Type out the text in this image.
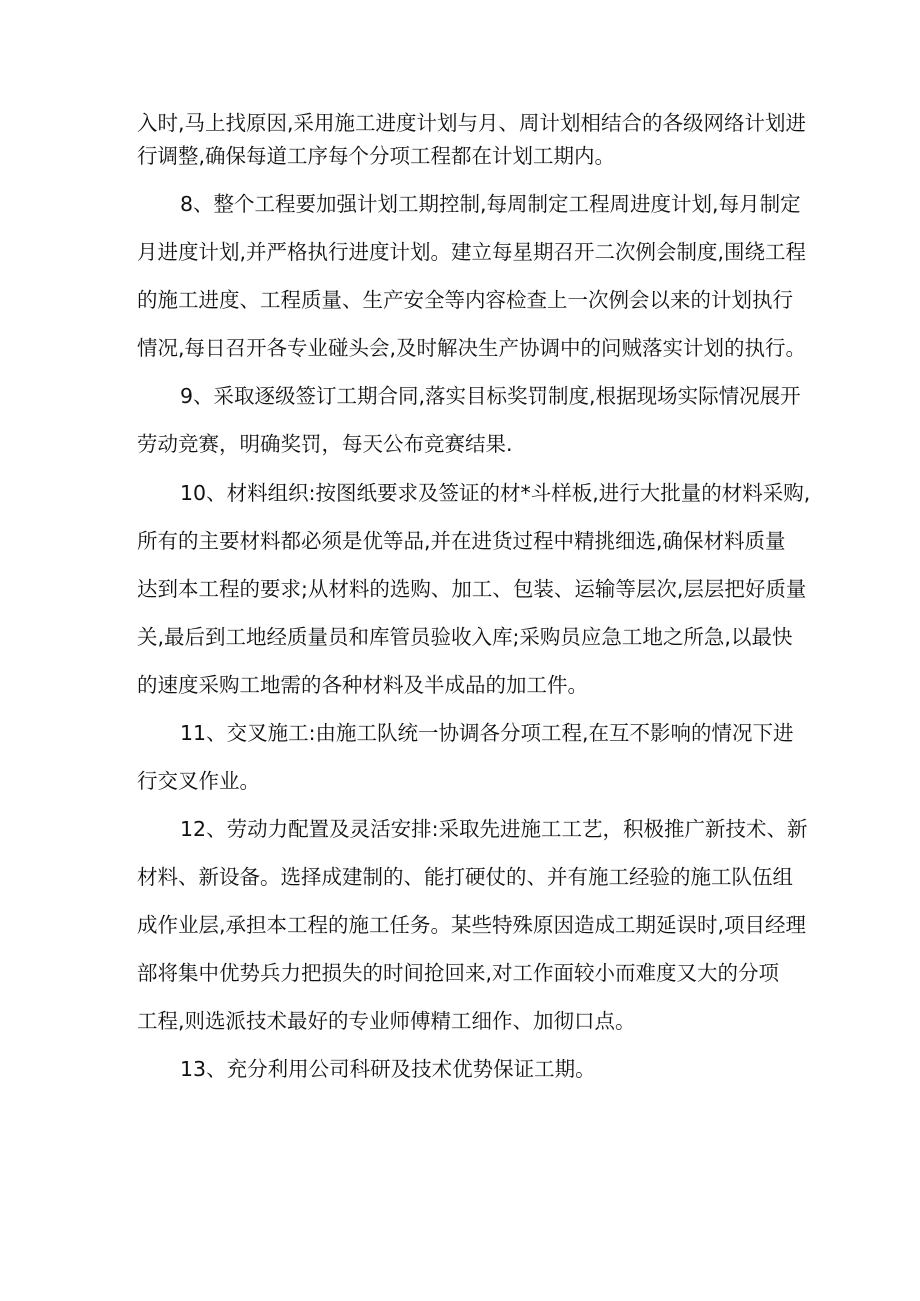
入时,马上找原因,采用施工进度计划与月、周计划相结合的各级网络计划进
行调整,确保每道工序每个分项工程都在计划工期内。
8、整个工程要加强计划工期控制,每周制定工程周进度计划,每月制定
月进度计划,并严格执行进度计划。建立每星期召开二次例会制度,围绕工程
的施工进度、工程质量、生产安全等内容检查上一次例会以来的计划执行
情况,每日召开各专业碰头会,及时解决生产协调中的问贼落实计划的执行。
9、采取逐级签订工期合同,落实目标奖罚制度,根据现场实际情况展开
劳动竞赛，明确奖罚，每天公布竞赛结果.
10、材料组织:按图纸要求及签证的材*斗样板,进行大批量的材料采购,
所有的主要材料都必须是优等品,并在进货过程中精挑细选,确保材料质量
达到本工程的要求;从材料的选购、加工、包装、运输等层次,层层把好质量
关,最后到工地经质量员和库管员验收入库;采购员应急工地之所急,以最快
的速度采购工地需的各种材料及半成品的加工件。
11、交叉施工:由施工队统一协调各分项工程,在互不影响的情况下进
行交叉作业。
12、劳动力配置及灵活安排:采取先进施工工艺，积极推广新技术、新
材料、新设备。选择成建制的、能打硬仗的、并有施工经验的施工队伍组
成作业层,承担本工程的施工任务。某些特殊原因造成工期延误时,项目经理
部将集中优势兵力把损失的时间抢回来,对工作面较小而难度又大的分项
工程,则选派技术最好的专业师傅精工细作、加彻口点。
13、充分利用公司科研及技术优势保证工期。
